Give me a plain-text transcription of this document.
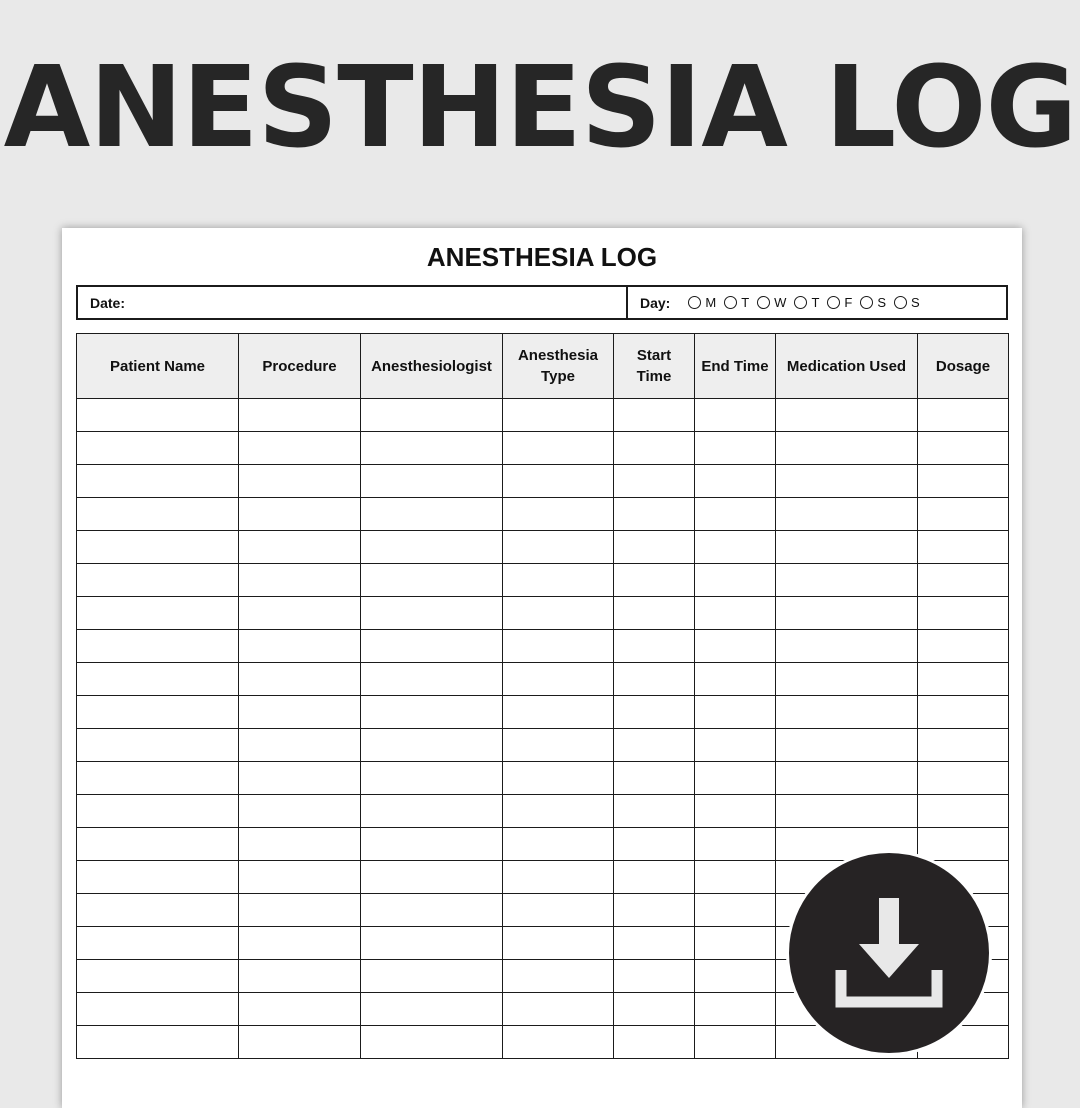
ANESTHESIA LOG
ANESTHESIA LOG
Date:	Day:	M T W T F S S
Patient Name	Procedure	Anesthesiologist	Anesthesia Type	Start Time	End Time	Medication Used	Dosage
